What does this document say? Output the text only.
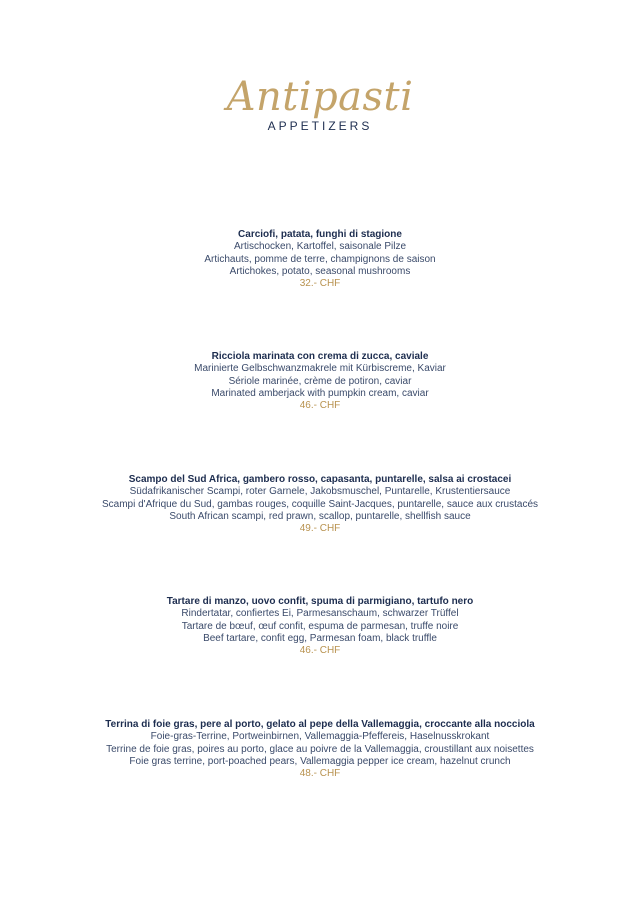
Antipasti
APPETIZERS
Carciofi, patata, funghi di stagione
Artischocken, Kartoffel, saisonale Pilze
Artichauts, pomme de terre, champignons de saison
Artichokes, potato, seasonal mushrooms
32.- CHF
Ricciola marinata con crema di zucca, caviale
Marinierte Gelbschwanzmakrele mit Kürbiscreme, Kaviar
Sériole marinée, crème de potiron, caviar
Marinated amberjack with pumpkin cream, caviar
46.- CHF
Scampo del Sud Africa, gambero rosso, capasanta, puntarelle, salsa ai crostacei
Südafrikanischer Scampi, roter Garnele, Jakobsmuschel, Puntarelle, Krustentiersauce
Scampi d'Afrique du Sud, gambas rouges, coquille Saint-Jacques, puntarelle, sauce aux crustacés
South African scampi, red prawn, scallop, puntarelle, shellfish sauce
49.- CHF
Tartare di manzo, uovo confit, spuma di parmigiano, tartufo nero
Rindertatar, confiertes Ei, Parmesanschaum, schwarzer Trüffel
Tartare de bœuf, œuf confit, espuma de parmesan, truffe noire
Beef tartare, confit egg, Parmesan foam, black truffle
46.- CHF
Terrina di foie gras, pere al porto, gelato al pepe della Vallemaggia, croccante alla nocciola
Foie-gras-Terrine, Portweinbirnen, Vallemaggia-Pfeffereis, Haselnusskrokant
Terrine de foie gras, poires au porto, glace au poivre de la Vallemaggia, croustillant aux noisettes
Foie gras terrine, port-poached pears, Vallemaggia pepper ice cream, hazelnut crunch
48.- CHF
